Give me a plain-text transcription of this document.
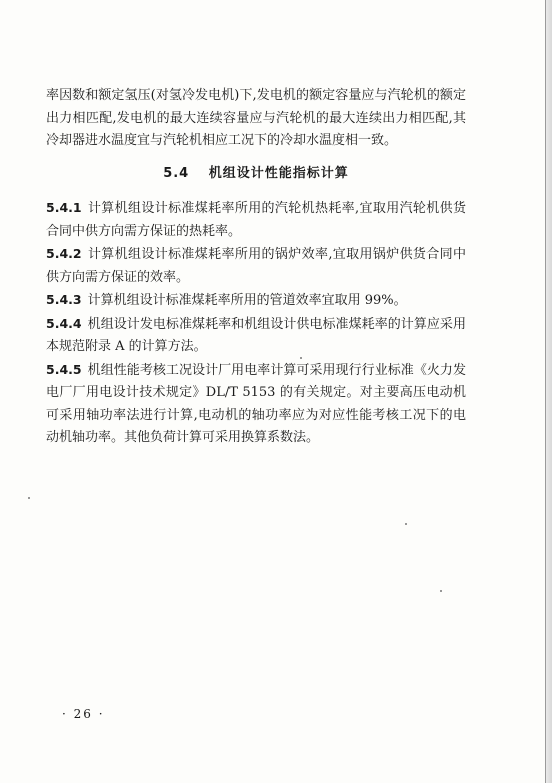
率因数和额定氢压(对氢冷发电机)下,发电机的额定容量应与汽轮机的额定出力相匹配,发电机的最大连续容量应与汽轮机的最大连续出力相匹配,其冷却器进水温度宜与汽轮机相应工况下的冷却水温度相一致。

5.4 机组设计性能指标计算

5.4.1 计算机组设计标准煤耗率所用的汽轮机热耗率,宜取用汽轮机供货合同中供方向需方保证的热耗率。

5.4.2 计算机组设计标准煤耗率所用的锅炉效率,宜取用锅炉供货合同中供方向需方保证的效率。

5.4.3 计算机组设计标准煤耗率所用的管道效率宜取用 99%。

5.4.4 机组设计发电标准煤耗率和机组设计供电标准煤耗率的计算应采用本规范附录 A 的计算方法。

5.4.5 机组性能考核工况设计厂用电率计算可采用现行行业标准《火力发电厂厂用电设计技术规定》DL/T 5153 的有关规定。对主要高压电动机可采用轴功率法进行计算,电动机的轴功率应为对应性能考核工况下的电动机轴功率。其他负荷计算可采用换算系数法。

· 26 ·
